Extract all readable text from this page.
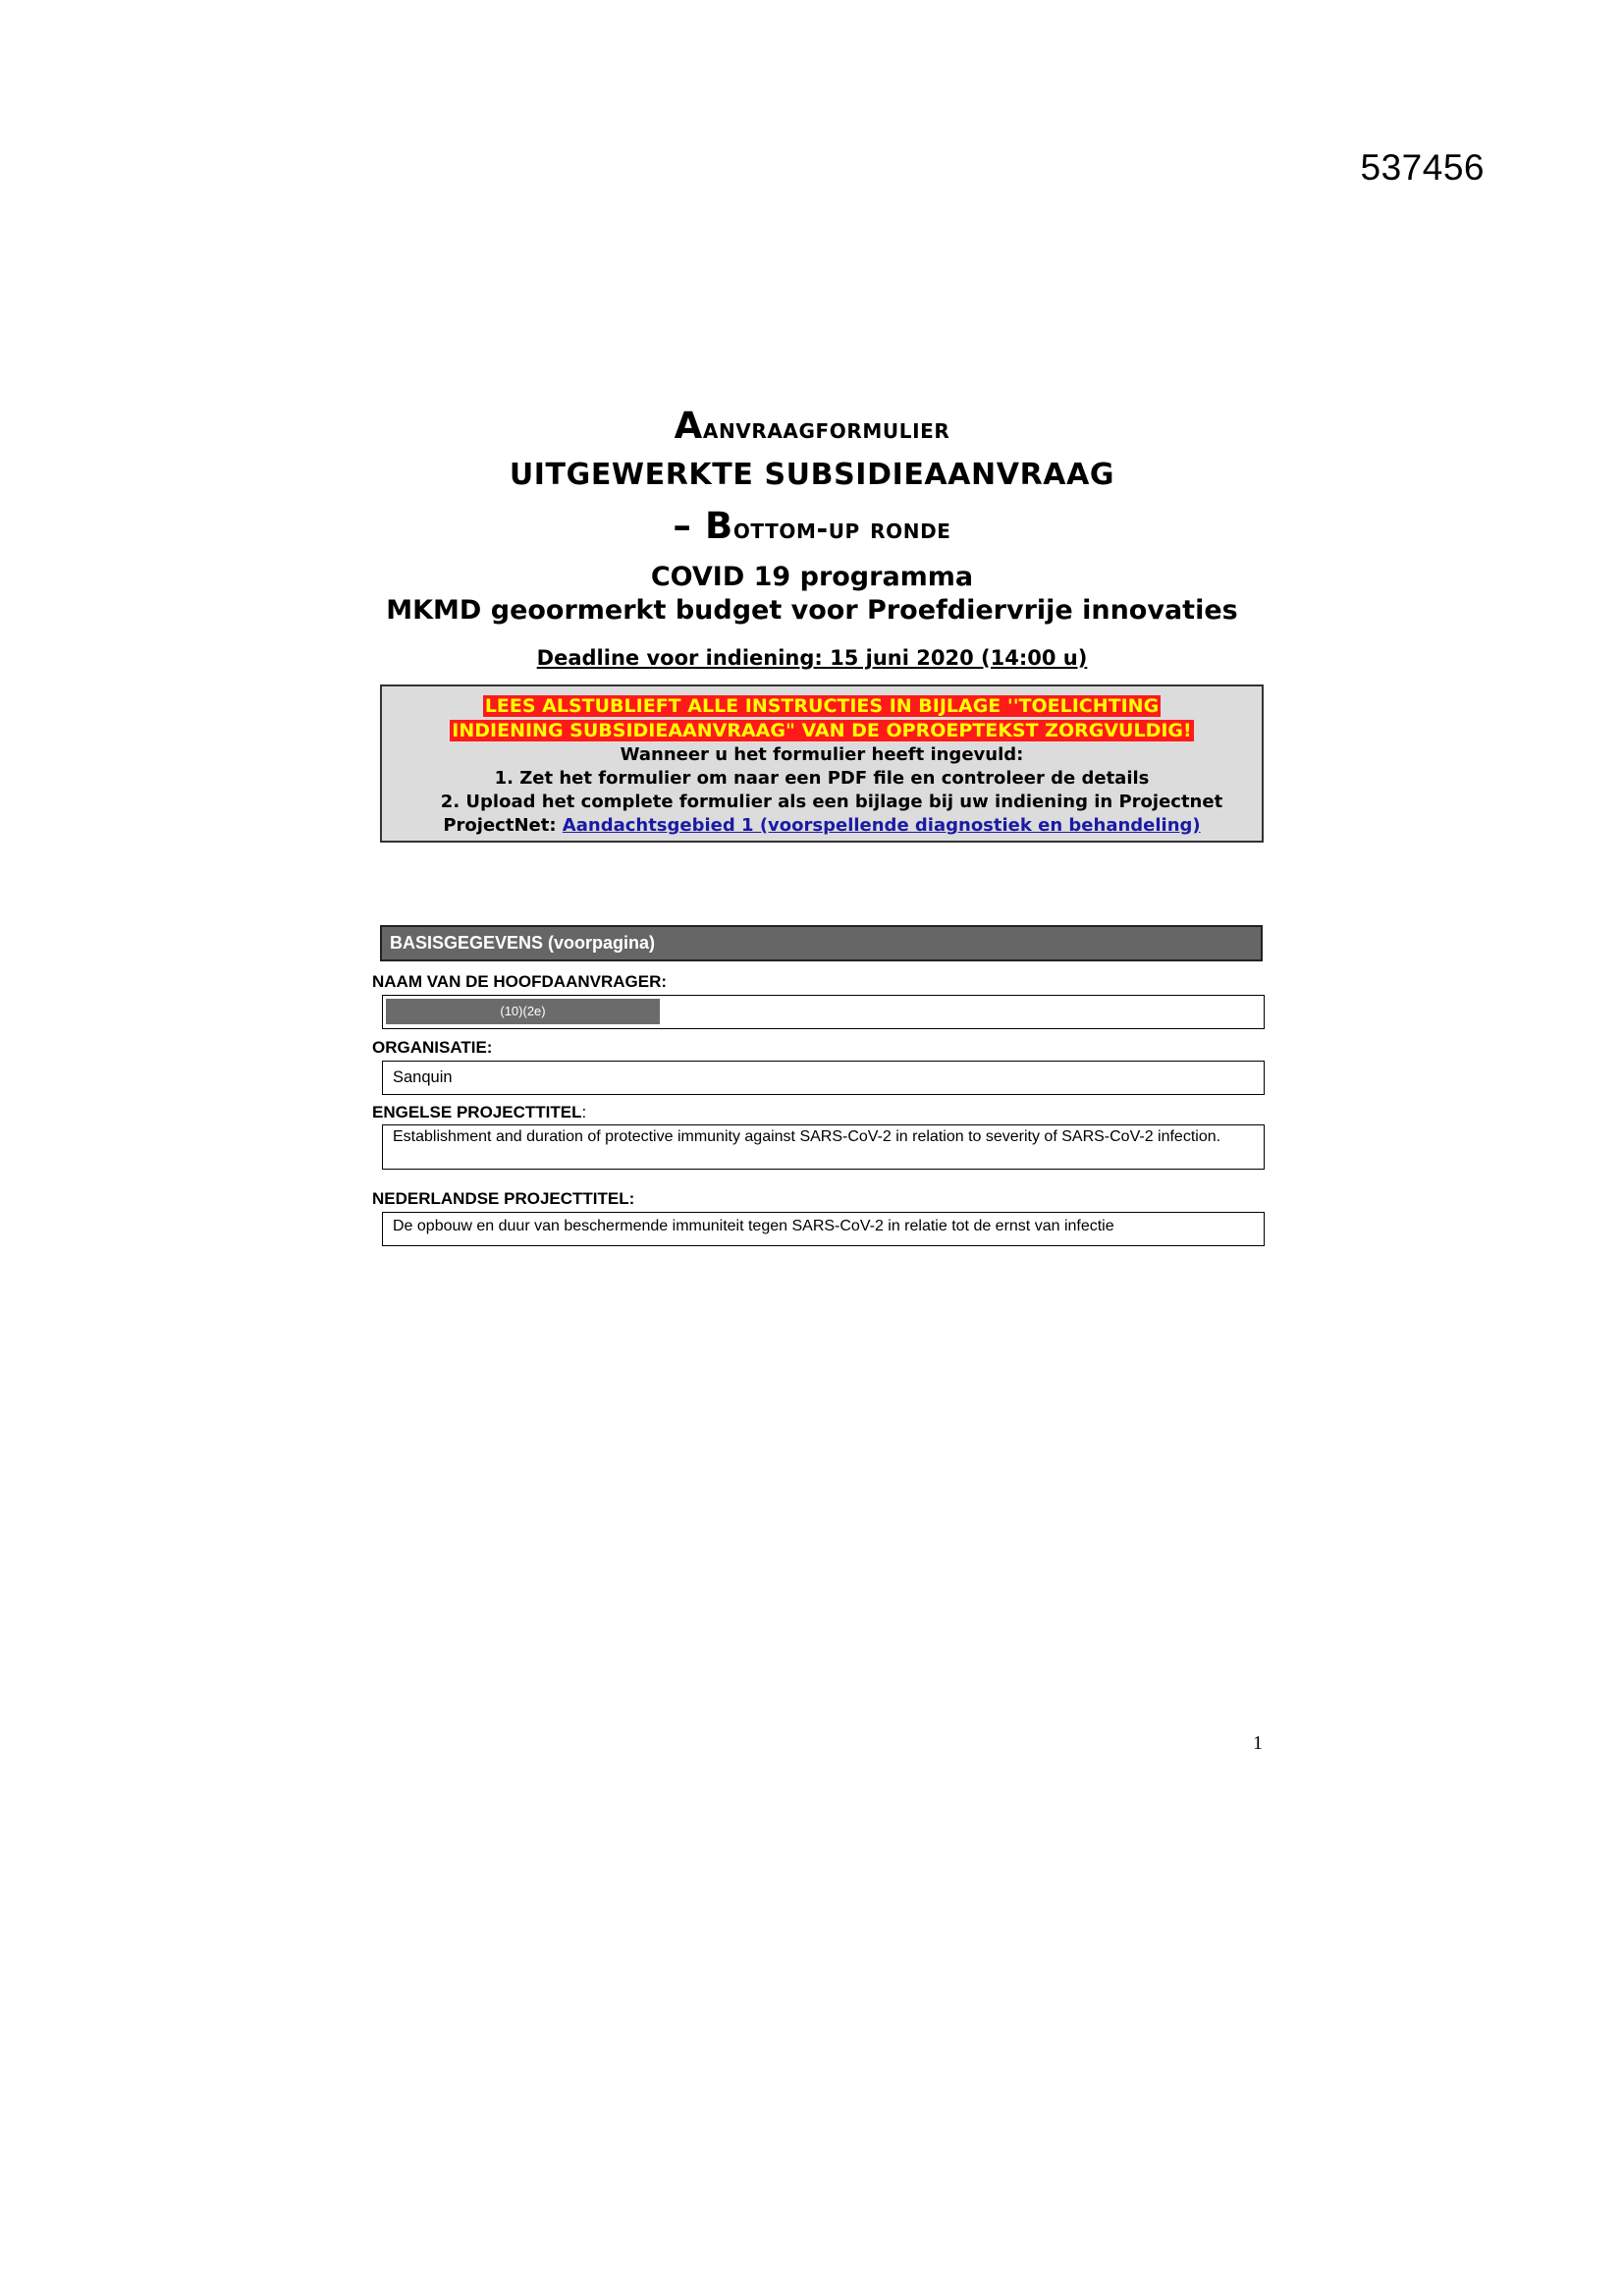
537456
Aanvraagformulier
UITGEWERKTE SUBSIDIEAANVRAAG
– Bottom-up ronde
COVID 19 programma
MKMD geoormerkt budget voor Proefdiervrije innovaties
Deadline voor indiening: 15 juni 2020 (14:00 u)
LEES ALSTUBLIEFT ALLE INSTRUCTIES IN BIJLAGE ''TOELICHTING
INDIENING SUBSIDIEAANVRAAG" VAN DE OPROEPTEKST ZORGVULDIG!
Wanneer u het formulier heeft ingevuld:
1. Zet het formulier om naar een PDF file en controleer de details
2. Upload het complete formulier als een bijlage bij uw indiening in Projectnet
ProjectNet: Aandachtsgebied 1 (voorspellende diagnostiek en behandeling)
BASISGEGEVENS (voorpagina)
NAAM VAN DE HOOFDAANVRAGER:
(10)(2e)
ORGANISATIE:
Sanquin
ENGELSE PROJECTTITEL:
Establishment and duration of protective immunity against SARS-CoV-2 in relation to severity of SARS-CoV-2 infection.
NEDERLANDSE PROJECTTITEL:
De opbouw en duur van beschermende immuniteit tegen SARS-CoV-2 in relatie tot de ernst van infectie
1
